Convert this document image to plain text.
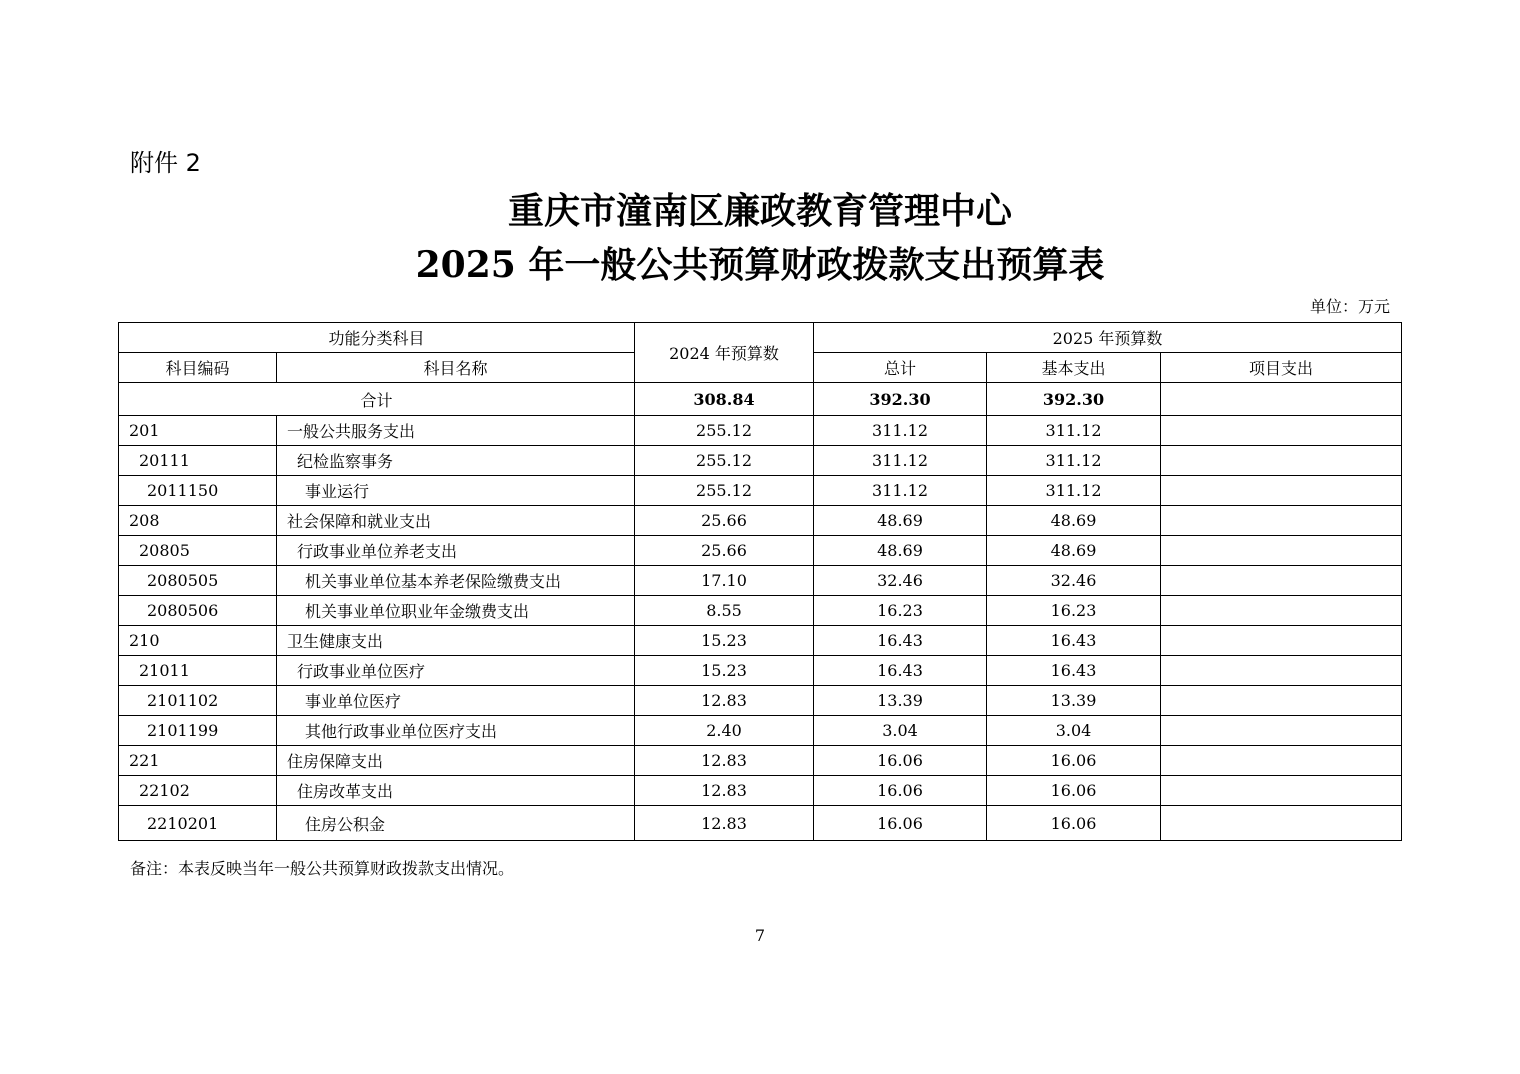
附件 2
重庆市潼南区廉政教育管理中心
2025 年一般公共预算财政拨款支出预算表
单位：万元
功能分类科目		2024 年预算数	2025 年预算数		
科目编码	科目名称		总计	基本支出	项目支出
合计		308.84	392.30	392.30	
201	一般公共服务支出	255.12	311.12	311.12	
20111	纪检监察事务	255.12	311.12	311.12	
2011150	事业运行	255.12	311.12	311.12	
208	社会保障和就业支出	25.66	48.69	48.69	
20805	行政事业单位养老支出	25.66	48.69	48.69	
2080505	机关事业单位基本养老保险缴费支出	17.10	32.46	32.46	
2080506	机关事业单位职业年金缴费支出	8.55	16.23	16.23	
210	卫生健康支出	15.23	16.43	16.43	
21011	行政事业单位医疗	15.23	16.43	16.43	
2101102	事业单位医疗	12.83	13.39	13.39	
2101199	其他行政事业单位医疗支出	2.40	3.04	3.04	
221	住房保障支出	12.83	16.06	16.06	
22102	住房改革支出	12.83	16.06	16.06	
2210201	住房公积金	12.83	16.06	16.06	
备注：本表反映当年一般公共预算财政拨款支出情况。
7
